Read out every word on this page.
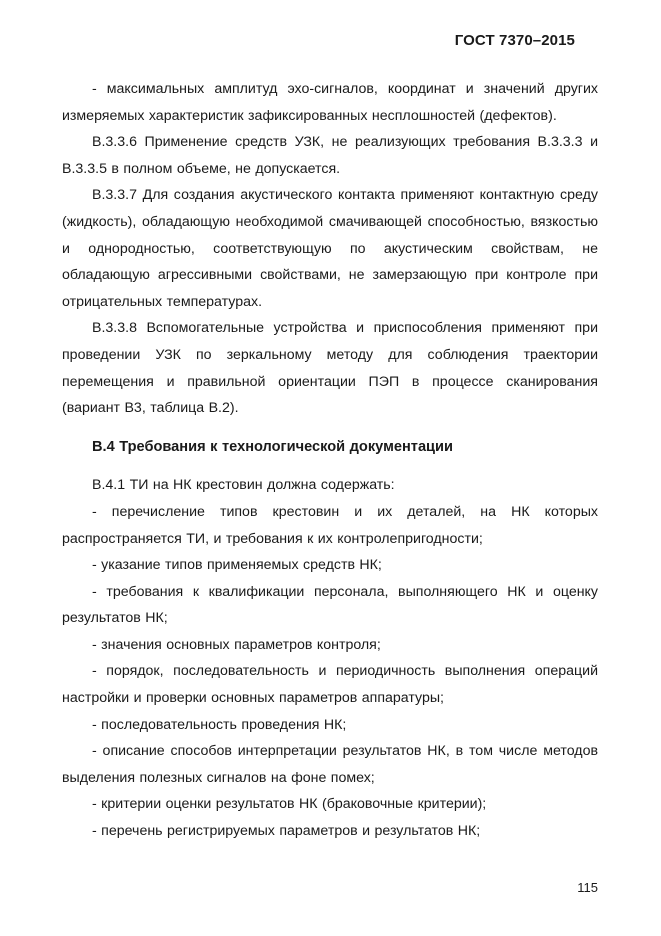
ГОСТ 7370–2015

- максимальных амплитуд эхо-сигналов, координат и значений других измеряемых характеристик зафиксированных несплошностей (дефектов).

В.3.3.6 Применение средств УЗК, не реализующих требования В.3.3.3 и В.3.3.5 в полном объеме, не допускается.

В.3.3.7 Для создания акустического контакта применяют контактную среду (жидкость), обладающую необходимой смачивающей способностью, вязкостью и однородностью, соответствующую по акустическим свойствам, не обладающую агрессивными свойствами, не замерзающую при контроле при отрицательных температурах.

В.3.3.8 Вспомогательные устройства и приспособления применяют при проведении УЗК по зеркальному методу для соблюдения траектории перемещения и правильной ориентации ПЭП в процессе сканирования (вариант В3, таблица В.2).

В.4 Требования к технологической документации

В.4.1 ТИ на НК крестовин должна содержать:

- перечисление типов крестовин и их деталей, на НК которых распространяется ТИ, и требования к их контролепригодности;

- указание типов применяемых средств НК;

- требования к квалификации персонала, выполняющего НК и оценку результатов НК;

- значения основных параметров контроля;

- порядок, последовательность и периодичность выполнения операций настройки и проверки основных параметров аппаратуры;

- последовательность проведения НК;

- описание способов интерпретации результатов НК, в том числе методов выделения полезных сигналов на фоне помех;

- критерии оценки результатов НК (браковочные критерии);

- перечень регистрируемых параметров и результатов НК;

115
